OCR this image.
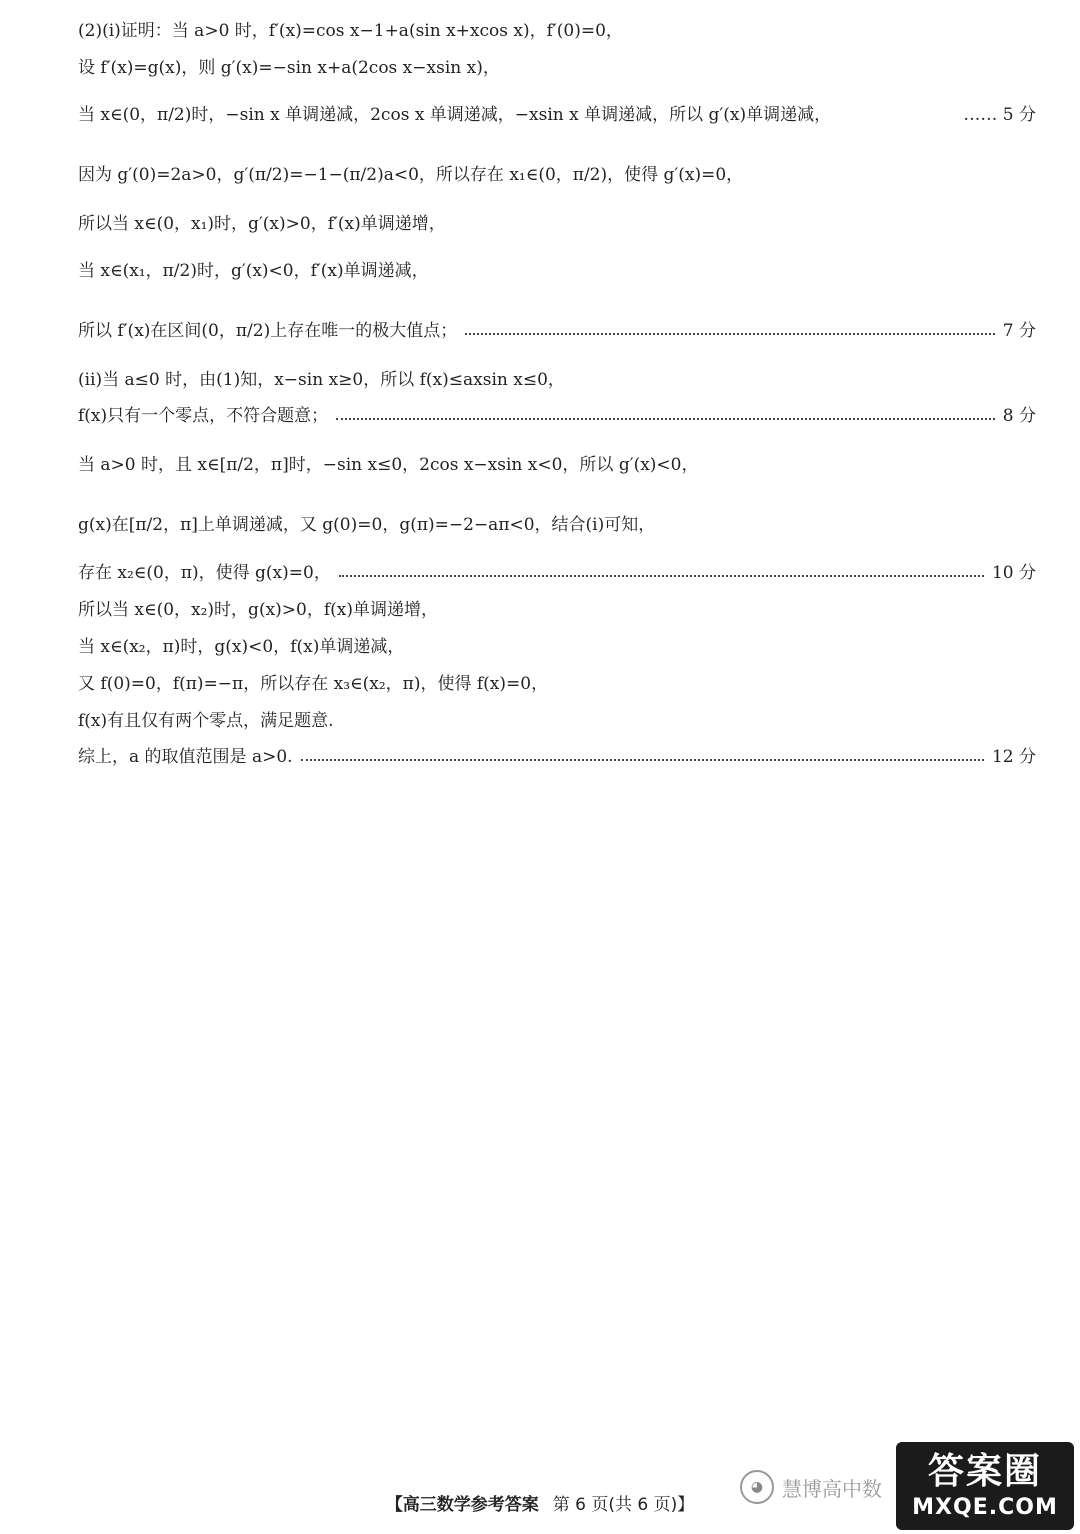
(2)(ⅰ)证明：当 a>0 时，f′(x)=cos x−1+a(sin x+xcos x)，f′(0)=0，
设 f′(x)=g(x)，则 g′(x)=−sin x+a(2cos x−xsin x)，
当 x∈(0，π/2)时，−sin x 单调递减，2cos x 单调递减，−xsin x 单调递减，所以 g′(x)单调递减，	…… 5 分
因为 g′(0)=2a>0，g′(π/2)=−1−(π/2)a<0，所以存在 x₁∈(0，π/2)，使得 g′(x)=0，
所以当 x∈(0，x₁)时，g′(x)>0，f′(x)单调递增，
当 x∈(x₁，π/2)时，g′(x)<0，f′(x)单调递减，
所以 f′(x)在区间(0，π/2)上存在唯一的极大值点；	7 分
(ⅱ)当 a≤0 时，由(1)知，x−sin x≥0，所以 f(x)≤axsin x≤0，
f(x)只有一个零点，不符合题意；	8 分
当 a>0 时，且 x∈[π/2，π]时，−sin x≤0，2cos x−xsin x<0，所以 g′(x)<0，
g(x)在[π/2，π]上单调递减，又 g(0)=0，g(π)=−2−aπ<0，结合(ⅰ)可知，
存在 x₂∈(0，π)，使得 g(x)=0，	10 分
所以当 x∈(0，x₂)时，g(x)>0，f(x)单调递增，
当 x∈(x₂，π)时，g(x)<0，f(x)单调递减，
又 f(0)=0，f(π)=−π，所以存在 x₃∈(x₂，π)，使得 f(x)=0，
f(x)有且仅有两个零点，满足题意.
综上，a 的取值范围是 a>0.	12 分
【高三数学参考答案 第 6 页(共 6 页)】
◕ 慧博高中数 答案圈
MXQE.COM
